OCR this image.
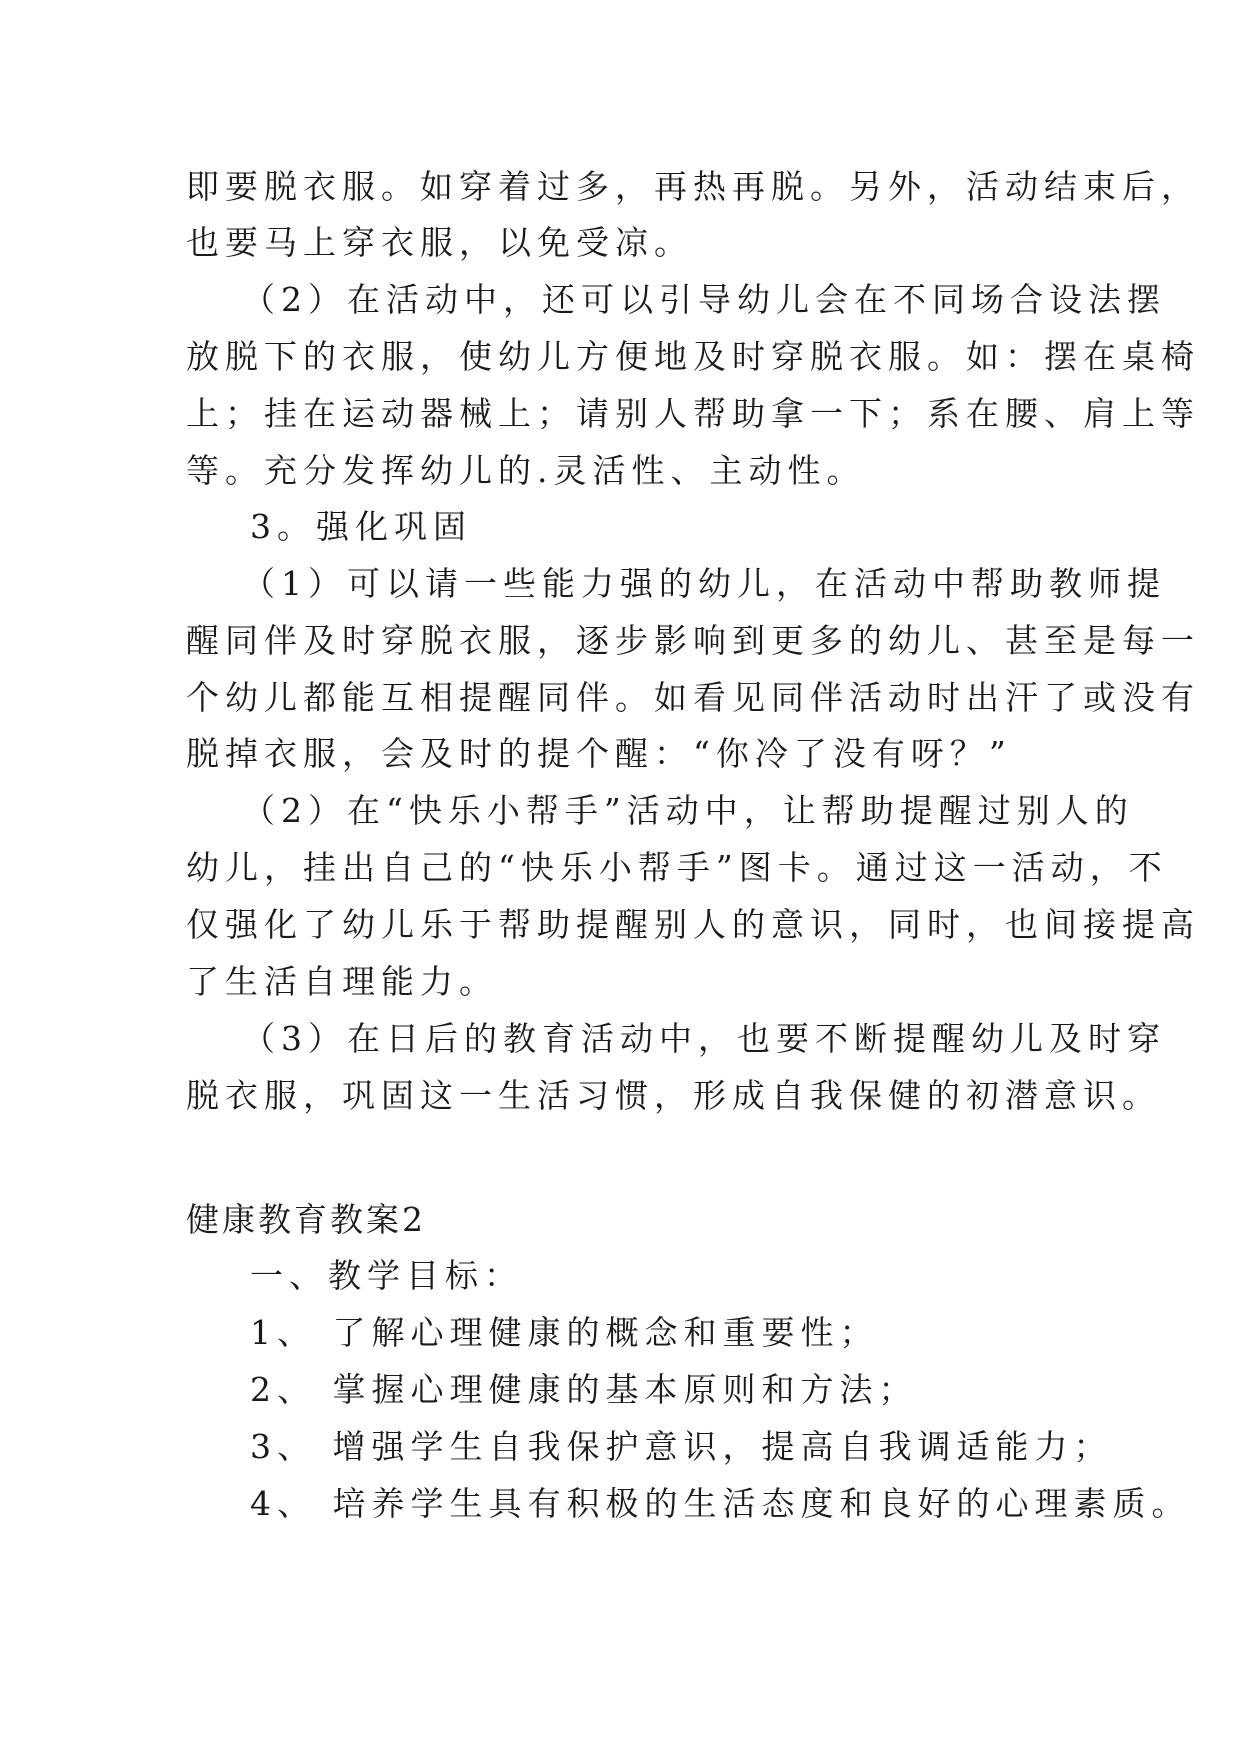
即要脱衣服。如穿着过多，再热再脱。另外，活动结束后，
也要马上穿衣服，以免受凉。
（2）在活动中，还可以引导幼儿会在不同场合设法摆
放脱下的衣服，使幼儿方便地及时穿脱衣服。如：摆在桌椅
上；挂在运动器械上；请别人帮助拿一下；系在腰、肩上等
等。充分发挥幼儿的.灵活性、主动性。
3。强化巩固
（1）可以请一些能力强的幼儿，在活动中帮助教师提
醒同伴及时穿脱衣服，逐步影响到更多的幼儿、甚至是每一
个幼儿都能互相提醒同伴。如看见同伴活动时出汗了或没有
脱掉衣服，会及时的提个醒：“你冷了没有呀？”
（2）在“快乐小帮手”活动中，让帮助提醒过别人的
幼儿，挂出自己的“快乐小帮手”图卡。通过这一活动，不
仅强化了幼儿乐于帮助提醒别人的意识，同时，也间接提高
了生活自理能力。
（3）在日后的教育活动中，也要不断提醒幼儿及时穿
脱衣服，巩固这一生活习惯，形成自我保健的初潜意识。
健康教育教案2
一、教学目标：
1、 了解心理健康的概念和重要性；
2、 掌握心理健康的基本原则和方法；
3、 增强学生自我保护意识，提高自我调适能力；
4、 培养学生具有积极的生活态度和良好的心理素质。
